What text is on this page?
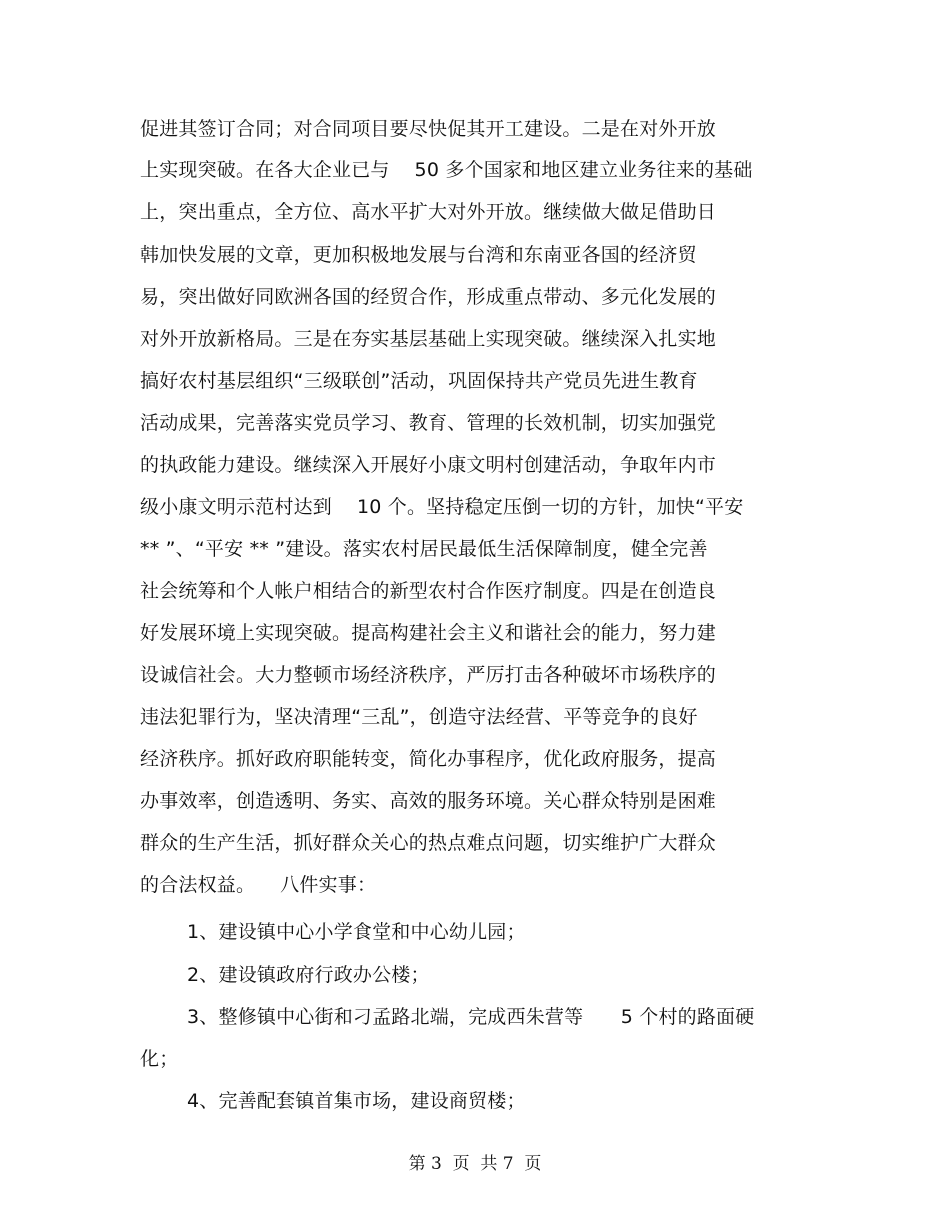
促进其签订合同；对合同项目要尽快促其开工建设。二是在对外开放
上实现突破。在各大企业已与    50 多个国家和地区建立业务往来的基础
上，突出重点，全方位、高水平扩大对外开放。继续做大做足借助日
韩加快发展的文章，更加积极地发展与台湾和东南亚各国的经济贸
易，突出做好同欧洲各国的经贸合作，形成重点带动、多元化发展的
对外开放新格局。三是在夯实基层基础上实现突破。继续深入扎实地
搞好农村基层组织“三级联创”活动，巩固保持共产党员先进生教育
活动成果，完善落实党员学习、教育、管理的长效机制，切实加强党
的执政能力建设。继续深入开展好小康文明村创建活动，争取年内市
级小康文明示范村达到    10 个。坚持稳定压倒一切的方针，加快“平安
** ”、“平安 ** ”建设。落实农村居民最低生活保障制度，健全完善
社会统筹和个人帐户相结合的新型农村合作医疗制度。四是在创造良
好发展环境上实现突破。提高构建社会主义和谐社会的能力，努力建
设诚信社会。大力整顿市场经济秩序，严厉打击各种破坏市场秩序的
违法犯罪行为，坚决清理“三乱”，创造守法经营、平等竞争的良好
经济秩序。抓好政府职能转变，简化办事程序，优化政府服务，提高
办事效率，创造透明、务实、高效的服务环境。关心群众特别是困难
群众的生产生活，抓好群众关心的热点难点问题，切实维护广大群众
的合法权益。    八件实事：
1、建设镇中心小学食堂和中心幼儿园；
2、建设镇政府行政办公楼；
3、整修镇中心街和刁孟路北端，完成西朱营等      5 个村的路面硬
化；
4、完善配套镇首集市场，建设商贸楼；
第 3  页  共 7  页
